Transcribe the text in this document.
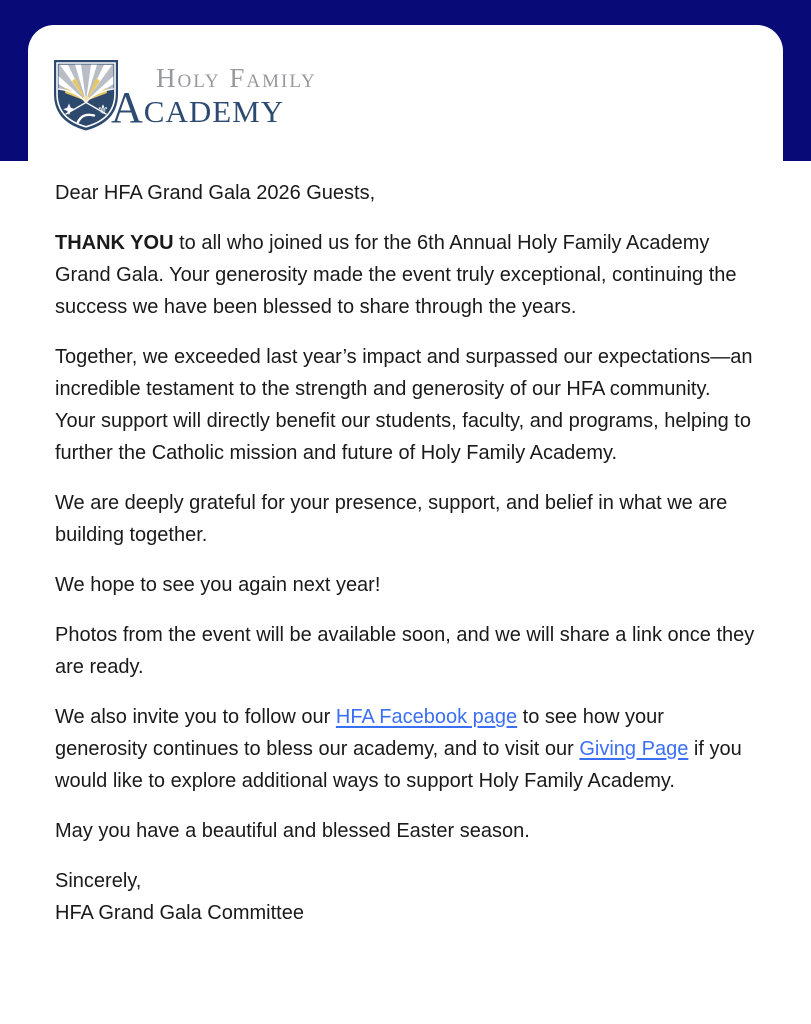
⚜
Holy Family
Academy

Dear HFA Grand Gala 2026 Guests,

THANK YOU to all who joined us for the 6th Annual Holy Family Academy Grand Gala. Your generosity made the event truly exceptional, continuing the success we have been blessed to share through the years.

Together, we exceeded last year’s impact and surpassed our expectations—an incredible testament to the strength and generosity of our HFA community. Your support will directly benefit our students, faculty, and programs, helping to further the Catholic mission and future of Holy Family Academy.

We are deeply grateful for your presence, support, and belief in what we are building together.

We hope to see you again next year!

Photos from the event will be available soon, and we will share a link once they are ready.

We also invite you to follow our HFA Facebook page to see how your generosity continues to bless our academy, and to visit our Giving Page if you would like to explore additional ways to support Holy Family Academy.

May you have a beautiful and blessed Easter season.

Sincerely,
HFA Grand Gala Committee
